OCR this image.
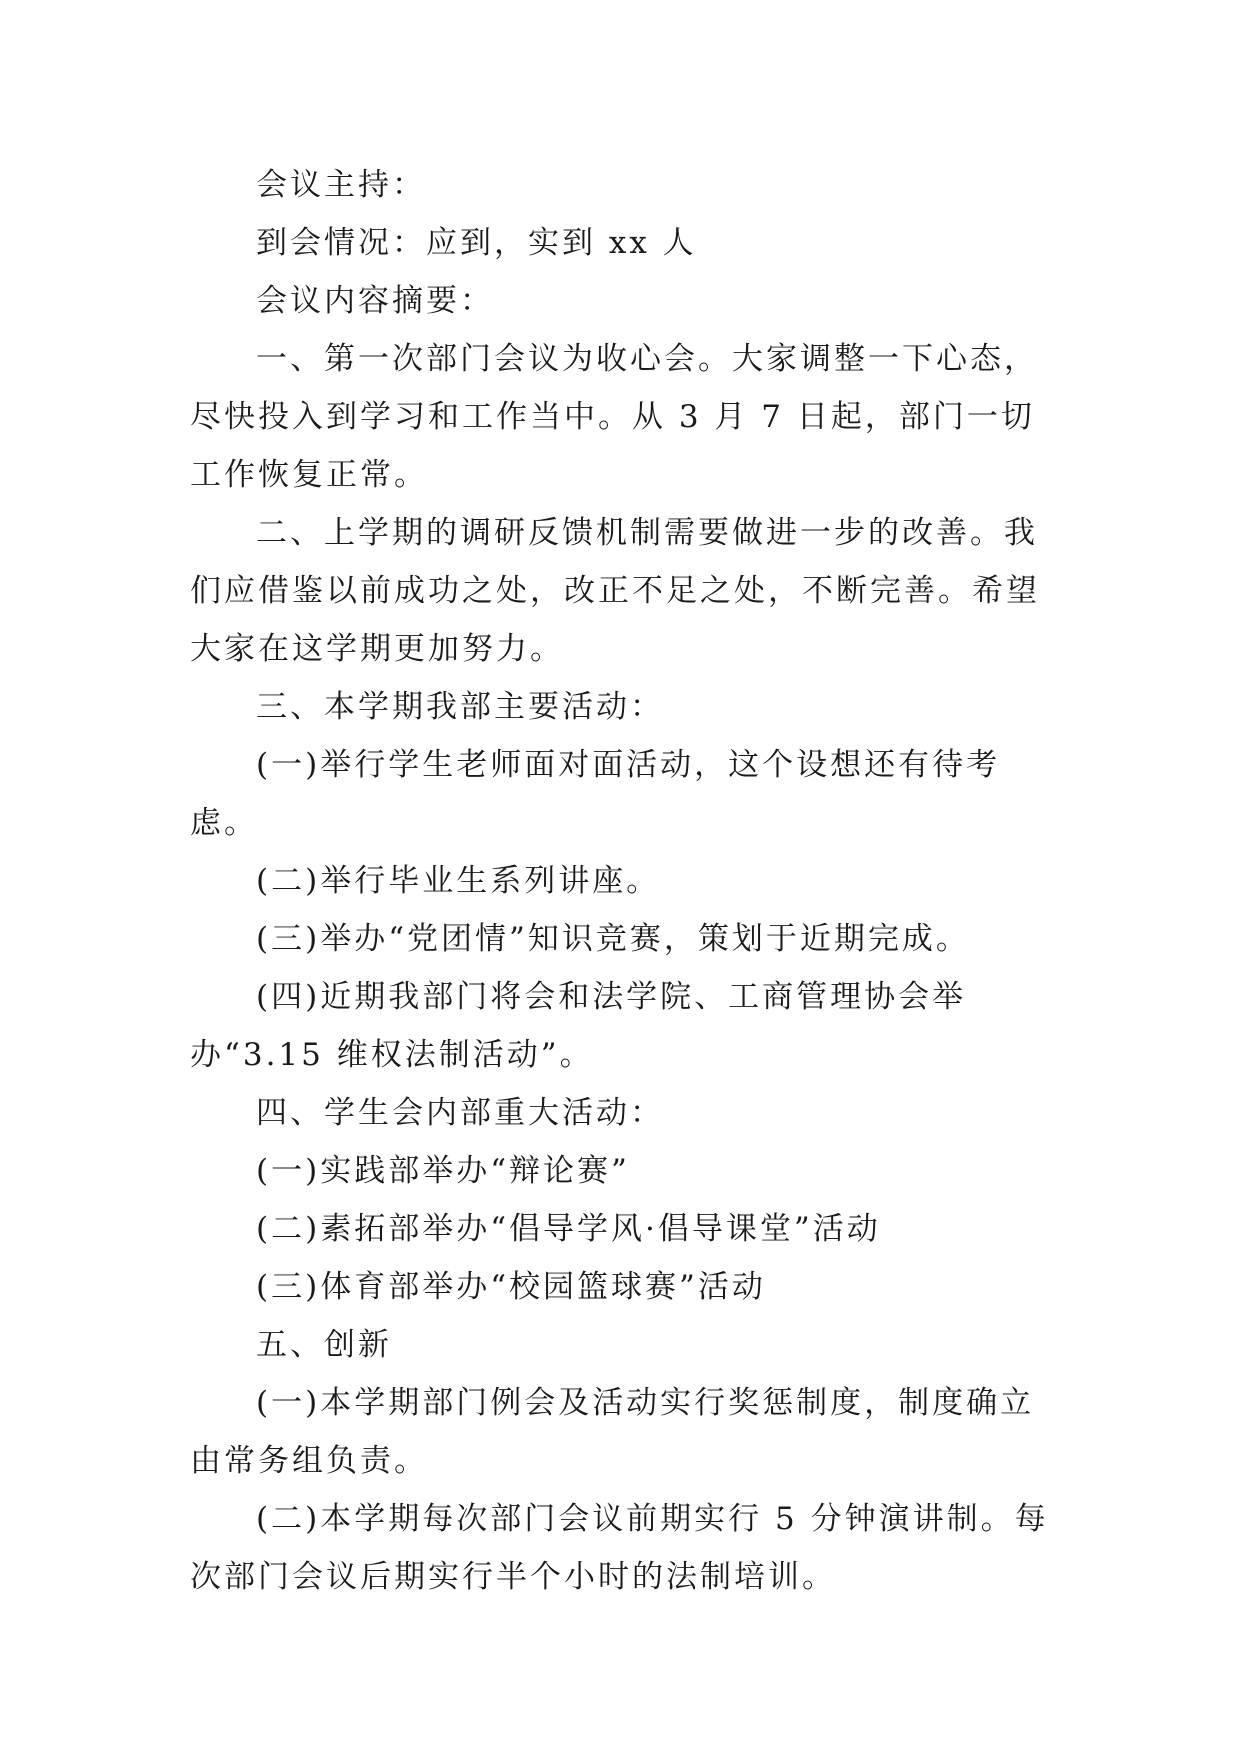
会议主持：

到会情况：应到，实到 xx 人

会议内容摘要：

一、第一次部门会议为收心会。大家调整一下心态，尽快投入到学习和工作当中。从 3 月 7 日起，部门一切工作恢复正常。

二、上学期的调研反馈机制需要做进一步的改善。我们应借鉴以前成功之处，改正不足之处，不断完善。希望大家在这学期更加努力。

三、本学期我部主要活动：

(一)举行学生老师面对面活动，这个设想还有待考虑。

(二)举行毕业生系列讲座。

(三)举办“党团情”知识竞赛，策划于近期完成。

(四)近期我部门将会和法学院、工商管理协会举办“3.15 维权法制活动”。

四、学生会内部重大活动：

(一)实践部举办“辩论赛”

(二)素拓部举办“倡导学风·倡导课堂”活动

(三)体育部举办“校园篮球赛”活动

五、创新

(一)本学期部门例会及活动实行奖惩制度，制度确立由常务组负责。

(二)本学期每次部门会议前期实行 5 分钟演讲制。每次部门会议后期实行半个小时的法制培训。
